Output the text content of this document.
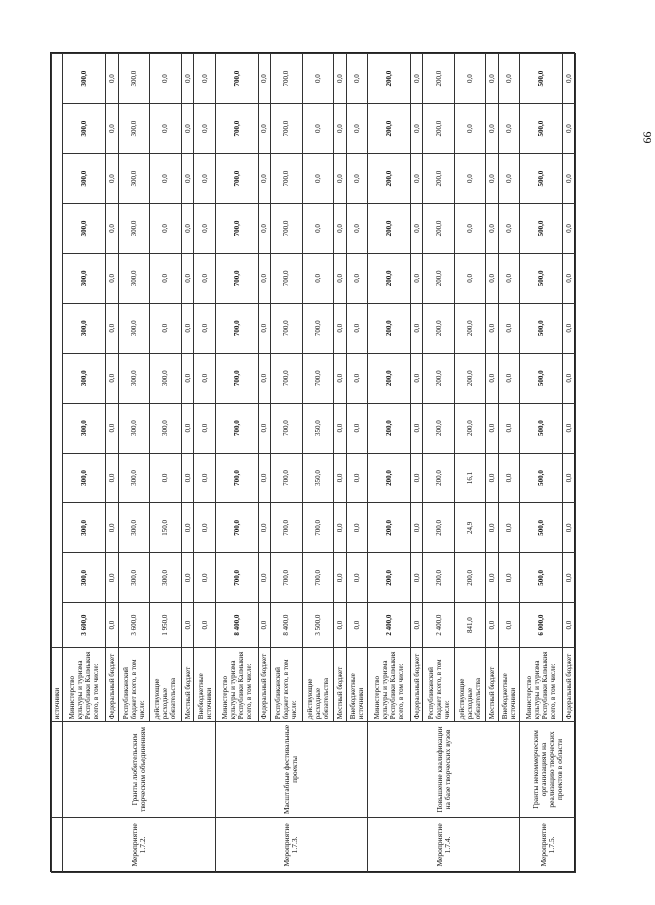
		источники												
Мероприятие 1.7.2.	Гранты любительским творческим объединениям	Министерство культуры и туризма Республики Калмыкия всего, в том числе:	3 600,0	300,0	300,0	300,0	300,0	300,0	300,0	300,0	300,0	300,0	300,0	300,0
		Федеральный бюджет	0,0	0,0	0,0	0,0	0,0	0,0	0,0	0,0	0,0	0,0	0,0	0,0
		Республиканский бюджет всего, в том числе:	3 600,0	300,0	300,0	300,0	300,0	300,0	300,0	300,0	300,0	300,0	300,0	300,0
		действующие расходные обязательства	1 950,0	300,0	150,0	0,0	300,0	300,0	0,0	0,0	0,0	0,0	0,0	0,0
		Местный бюджет	0,0	0,0	0,0	0,0	0,0	0,0	0,0	0,0	0,0	0,0	0,0	0,0
		Внебюджетные источники	0,0	0,0	0,0	0,0	0,0	0,0	0,0	0,0	0,0	0,0	0,0	0,0
Мероприятие 1.7.3.	Масштабные фестивальные проекты	Министерство культуры и туризма Республики Калмыкия всего, в том числе:	8 400,0	700,0	700,0	700,0	700,0	700,0	700,0	700,0	700,0	700,0	700,0	700,0
		Федеральный бюджет	0,0	0,0	0,0	0,0	0,0	0,0	0,0	0,0	0,0	0,0	0,0	0,0
		Республиканский бюджет всего, в том числе:	8 400,0	700,0	700,0	700,0	700,0	700,0	700,0	700,0	700,0	700,0	700,0	700,0
		действующие расходные обязательства	3 500,0	700,0	700,0	350,0	350,0	700,0	700,0	0,0	0,0	0,0	0,0	0,0
		Местный бюджет	0,0	0,0	0,0	0,0	0,0	0,0	0,0	0,0	0,0	0,0	0,0	0,0
		Внебюджетные источники	0,0	0,0	0,0	0,0	0,0	0,0	0,0	0,0	0,0	0,0	0,0	0,0
Мероприятие 1.7.4.	Повышение квалификации на базе творческих вузов	Министерство культуры и туризма Республики Калмыкия всего, в том числе:	2 400,0	200,0	200,0	200,0	200,0	200,0	200,0	200,0	200,0	200,0	200,0	200,0
		Федеральный бюджет	0,0	0,0	0,0	0,0	0,0	0,0	0,0	0,0	0,0	0,0	0,0	0,0
		Республиканский бюджет всего, в том числе:	2 400,0	200,0	200,0	200,0	200,0	200,0	200,0	200,0	200,0	200,0	200,0	200,0
		действующие расходные обязательства	841,0	200,0	24,9	16,1	200,0	200,0	200,0	0,0	0,0	0,0	0,0	0,0
		Местный бюджет	0,0	0,0	0,0	0,0	0,0	0,0	0,0	0,0	0,0	0,0	0,0	0,0
		Внебюджетные источники	0,0	0,0	0,0	0,0	0,0	0,0	0,0	0,0	0,0	0,0	0,0	0,0
Мероприятие 1.7.5.	Гранты некоммерческим организациям на реализацию творческих проектов в области	Министерство культуры и туризма Республики Калмыкия всего, в том числе:	6 000,0	500,0	500,0	500,0	500,0	500,0	500,0	500,0	500,0	500,0	500,0	500,0
		Федеральный бюджет	0,0	0,0	0,0	0,0	0,0	0,0	0,0	0,0	0,0	0,0	0,0	0,0
99
